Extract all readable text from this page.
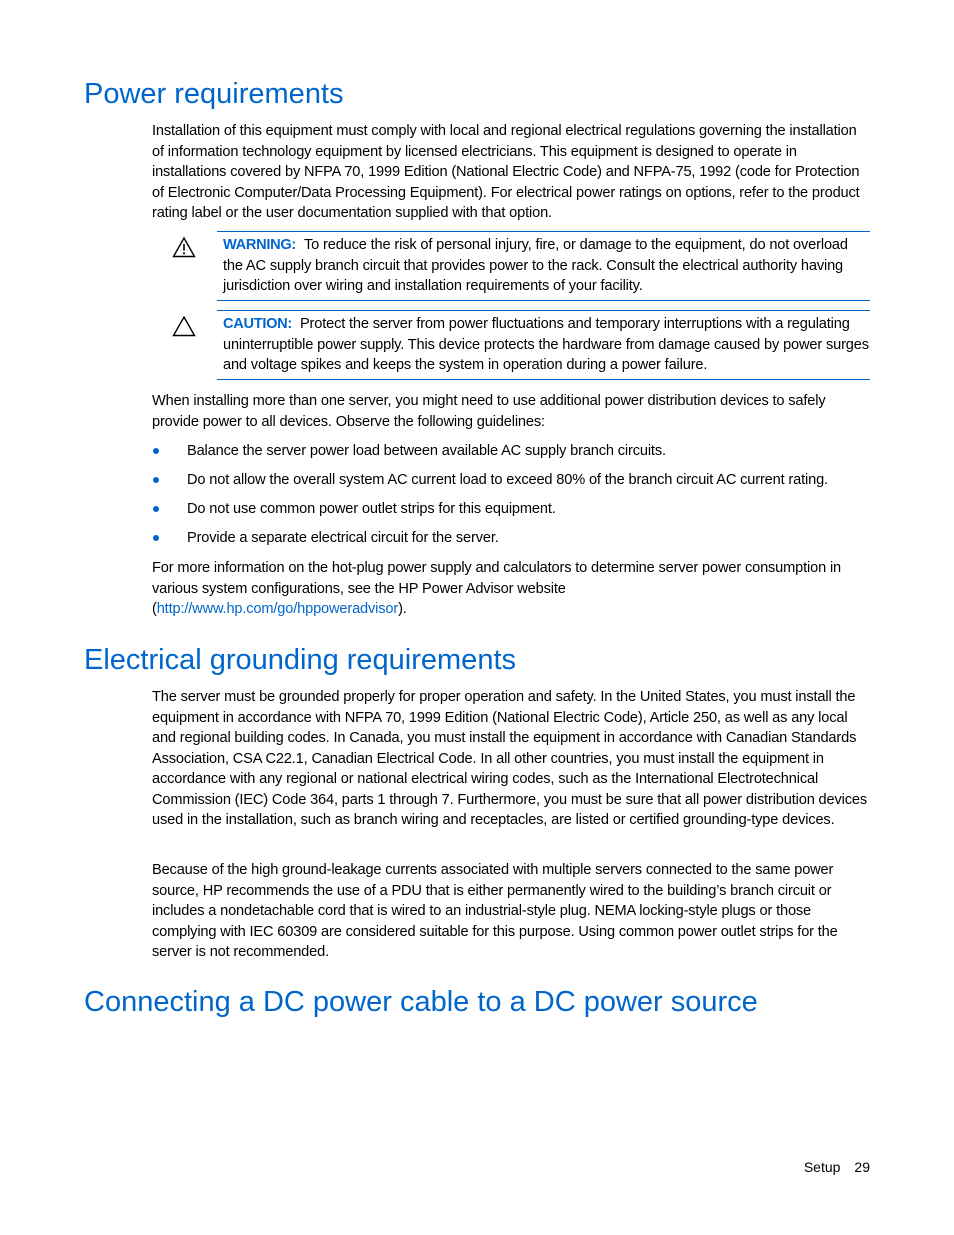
Power requirements

Installation of this equipment must comply with local and regional electrical regulations governing the installation of information technology equipment by licensed electricians. This equipment is designed to operate in installations covered by NFPA 70, 1999 Edition (National Electric Code) and NFPA-75, 1992 (code for Protection of Electronic Computer/Data Processing Equipment). For electrical power ratings on options, refer to the product rating label or the user documentation supplied with that option.

WARNING: To reduce the risk of personal injury, fire, or damage to the equipment, do not overload the AC supply branch circuit that provides power to the rack. Consult the electrical authority having jurisdiction over wiring and installation requirements of your facility.

CAUTION: Protect the server from power fluctuations and temporary interruptions with a regulating uninterruptible power supply. This device protects the hardware from damage caused by power surges and voltage spikes and keeps the system in operation during a power failure.

When installing more than one server, you might need to use additional power distribution devices to safely provide power to all devices. Observe the following guidelines:

Balance the server power load between available AC supply branch circuits.
Do not allow the overall system AC current load to exceed 80% of the branch circuit AC current rating.
Do not use common power outlet strips for this equipment.
Provide a separate electrical circuit for the server.

For more information on the hot-plug power supply and calculators to determine server power consumption in various system configurations, see the HP Power Advisor website
(http://www.hp.com/go/hppoweradvisor).

Electrical grounding requirements

The server must be grounded properly for proper operation and safety. In the United States, you must install the equipment in accordance with NFPA 70, 1999 Edition (National Electric Code), Article 250, as well as any local and regional building codes. In Canada, you must install the equipment in accordance with Canadian Standards Association, CSA C22.1, Canadian Electrical Code. In all other countries, you must install the equipment in accordance with any regional or national electrical wiring codes, such as the International Electrotechnical Commission (IEC) Code 364, parts 1 through 7. Furthermore, you must be sure that all power distribution devices used in the installation, such as branch wiring and receptacles, are listed or certified grounding-type devices.

Because of the high ground-leakage currents associated with multiple servers connected to the same power source, HP recommends the use of a PDU that is either permanently wired to the building’s branch circuit or includes a nondetachable cord that is wired to an industrial-style plug. NEMA locking-style plugs or those complying with IEC 60309 are considered suitable for this purpose. Using common power outlet strips for the server is not recommended.

Connecting a DC power cable to a DC power source
Setup 29
